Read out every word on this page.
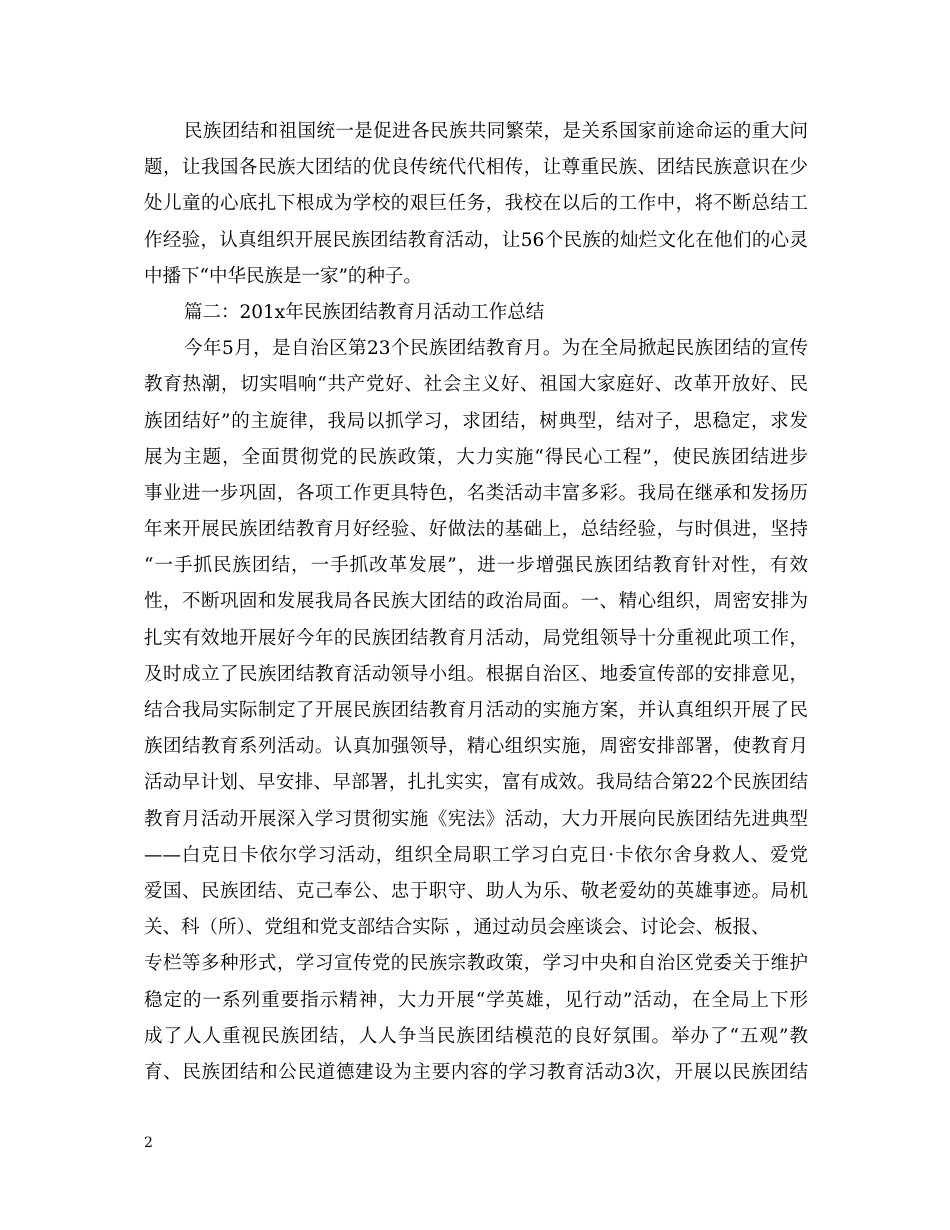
民族团结和祖国统一是促进各民族共同繁荣，是关系国家前途命运的重大问
题，让我国各民族大团结的优良传统代代相传，让尊重民族、团结民族意识在少
处儿童的心底扎下根成为学校的艰巨任务，我校在以后的工作中，将不断总结工
作经验，认真组织开展民族团结教育活动，让56个民族的灿烂文化在他们的心灵
中播下“中华民族是一家”的种子。
篇二：201x年民族团结教育月活动工作总结
今年5月，是自治区第23个民族团结教育月。为在全局掀起民族团结的宣传
教育热潮，切实唱响“共产党好、社会主义好、祖国大家庭好、改革开放好、民
族团结好”的主旋律，我局以抓学习，求团结，树典型，结对子，思稳定，求发
展为主题，全面贯彻党的民族政策，大力实施“得民心工程”，使民族团结进步
事业进一步巩固，各项工作更具特色，名类活动丰富多彩。我局在继承和发扬历
年来开展民族团结教育月好经验、好做法的基础上，总结经验，与时俱进，坚持
“一手抓民族团结，一手抓改革发展”，进一步增强民族团结教育针对性，有效
性，不断巩固和发展我局各民族大团结的政治局面。一、精心组织，周密安排为
扎实有效地开展好今年的民族团结教育月活动，局党组领导十分重视此项工作，
及时成立了民族团结教育活动领导小组。根据自治区、地委宣传部的安排意见，
结合我局实际制定了开展民族团结教育月活动的实施方案，并认真组织开展了民
族团结教育系列活动。认真加强领导，精心组织实施，周密安排部署，使教育月
活动早计划、早安排、早部署，扎扎实实，富有成效。我局结合第22个民族团结
教育月活动开展深入学习贯彻实施《宪法》活动，大力开展向民族团结先进典型
——白克日卡依尔学习活动，组织全局职工学习白克日·卡依尔舍身救人、爱党
爱国、民族团结、克己奉公、忠于职守、助人为乐、敬老爱幼的英雄事迹。局机
关、科（所）、党组和党支部结合实际 ，通过动员会座谈会、讨论会、板报、
专栏等多种形式，学习宣传党的民族宗教政策，学习中央和自治区党委关于维护
稳定的一系列重要指示精神，大力开展“学英雄，见行动”活动，在全局上下形
成了人人重视民族团结，人人争当民族团结模范的良好氛围。举办了“五观”教
育、民族团结和公民道德建设为主要内容的学习教育活动3次，开展以民族团结
2
